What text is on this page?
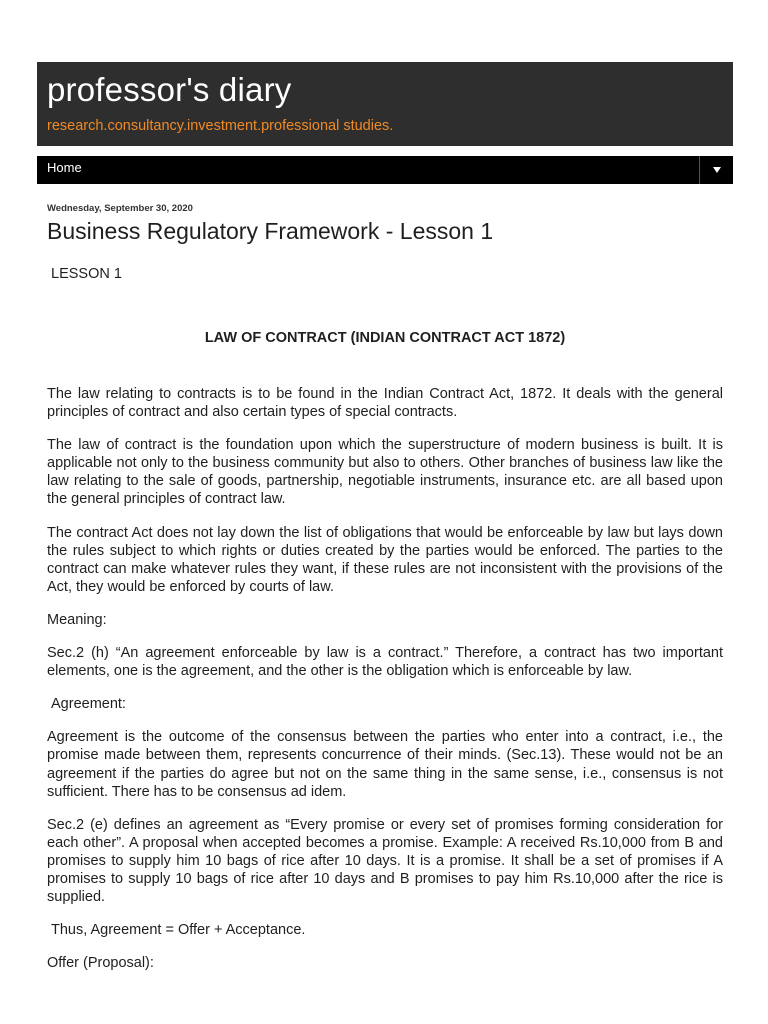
professor's diary
research.consultancy.investment.professional studies.
Home
Wednesday, September 30, 2020
Business Regulatory Framework - Lesson 1
LESSON 1
LAW OF CONTRACT (INDIAN CONTRACT ACT 1872)

The law relating to contracts is to be found in the Indian Contract Act, 1872. It deals with the general principles of contract and also certain types of special contracts.

The law of contract is the foundation upon which the superstructure of modern business is built. It is applicable not only to the business community but also to others. Other branches of business law like the law relating to the sale of goods, partnership, negotiable instruments, insurance etc. are all based upon the general principles of contract law.

The contract Act does not lay down the list of obligations that would be enforceable by law but lays down the rules subject to which rights or duties created by the parties would be enforced. The parties to the contract can make whatever rules they want, if these rules are not inconsistent with the provisions of the Act, they would be enforced by courts of law.

Meaning:

Sec.2 (h) “An agreement enforceable by law is a contract.” Therefore, a contract has two important elements, one is the agreement, and the other is the obligation which is enforceable by law.

Agreement:

Agreement is the outcome of the consensus between the parties who enter into a contract, i.e., the promise made between them, represents concurrence of their minds. (Sec.13). These would not be an agreement if the parties do agree but not on the same thing in the same sense, i.e., consensus is not sufficient. There has to be consensus ad idem.

Sec.2 (e) defines an agreement as “Every promise or every set of promises forming consideration for each other”. A proposal when accepted becomes a promise. Example: A received Rs.10,000 from B and promises to supply him 10 bags of rice after 10 days. It is a promise. It shall be a set of promises if A promises to supply 10 bags of rice after 10 days and B promises to pay him Rs.10,000 after the rice is supplied.

Thus, Agreement = Offer + Acceptance.

Offer (Proposal):
